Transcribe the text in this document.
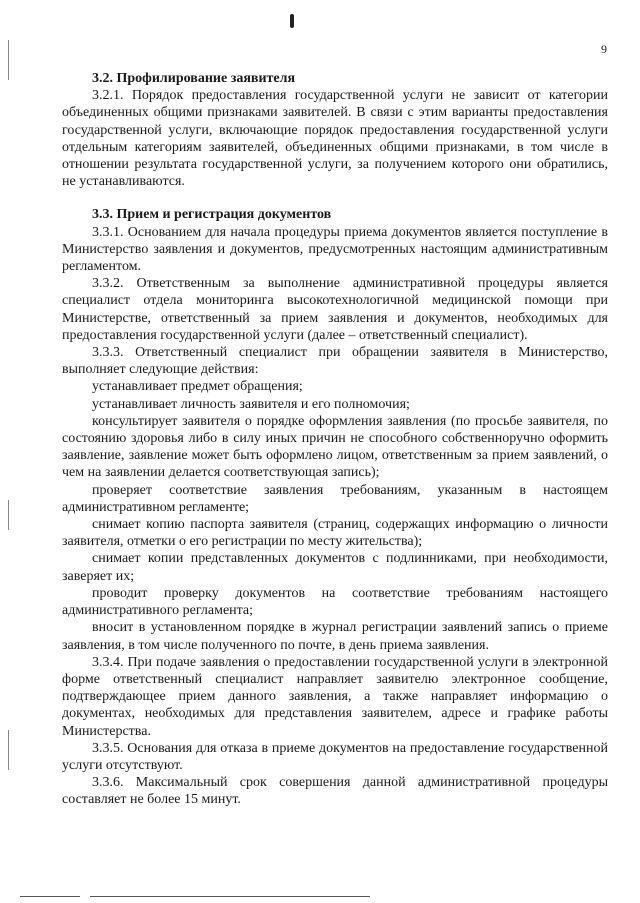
9

3.2. Профилирование заявителя

3.2.1. Порядок предоставления государственной услуги не зависит от категории объединенных общими признаками заявителей. В связи с этим варианты предоставления государственной услуги, включающие порядок предоставления государственной услуги отдельным категориям заявителей, объединенных общими признаками, в том числе в отношении результата государственной услуги, за получением которого они обратились, не устанавливаются.

3.3. Прием и регистрация документов

3.3.1. Основанием для начала процедуры приема документов является поступление в Министерство заявления и документов, предусмотренных настоящим административным регламентом.

3.3.2. Ответственным за выполнение административной процедуры является специалист отдела мониторинга высокотехнологичной медицинской помощи при Министерстве, ответственный за прием заявления и документов, необходимых для предоставления государственной услуги (далее – ответственный специалист).

3.3.3. Ответственный специалист при обращении заявителя в Министерство, выполняет следующие действия:

устанавливает предмет обращения;

устанавливает личность заявителя и его полномочия;

консультирует заявителя о порядке оформления заявления (по просьбе заявителя, по состоянию здоровья либо в силу иных причин не способного собственноручно оформить заявление, заявление может быть оформлено лицом, ответственным за прием заявлений, о чем на заявлении делается соответствующая запись);

проверяет соответствие заявления требованиям, указанным в настоящем административном регламенте;

снимает копию паспорта заявителя (страниц, содержащих информацию о личности заявителя, отметки о его регистрации по месту жительства);

снимает копии представленных документов с подлинниками, при необходимости, заверяет их;

проводит проверку документов на соответствие требованиям настоящего административного регламента;

вносит в установленном порядке в журнал регистрации заявлений запись о приеме заявления, в том числе полученного по почте, в день приема заявления.

3.3.4. При подаче заявления о предоставлении государственной услуги в электронной форме ответственный специалист направляет заявителю электронное сообщение, подтверждающее прием данного заявления, а также направляет информацию о документах, необходимых для представления заявителем, адресе и графике работы Министерства.

3.3.5. Основания для отказа в приеме документов на предоставление государственной услуги отсутствуют.

3.3.6. Максимальный срок совершения данной административной процедуры составляет не более 15 минут.
